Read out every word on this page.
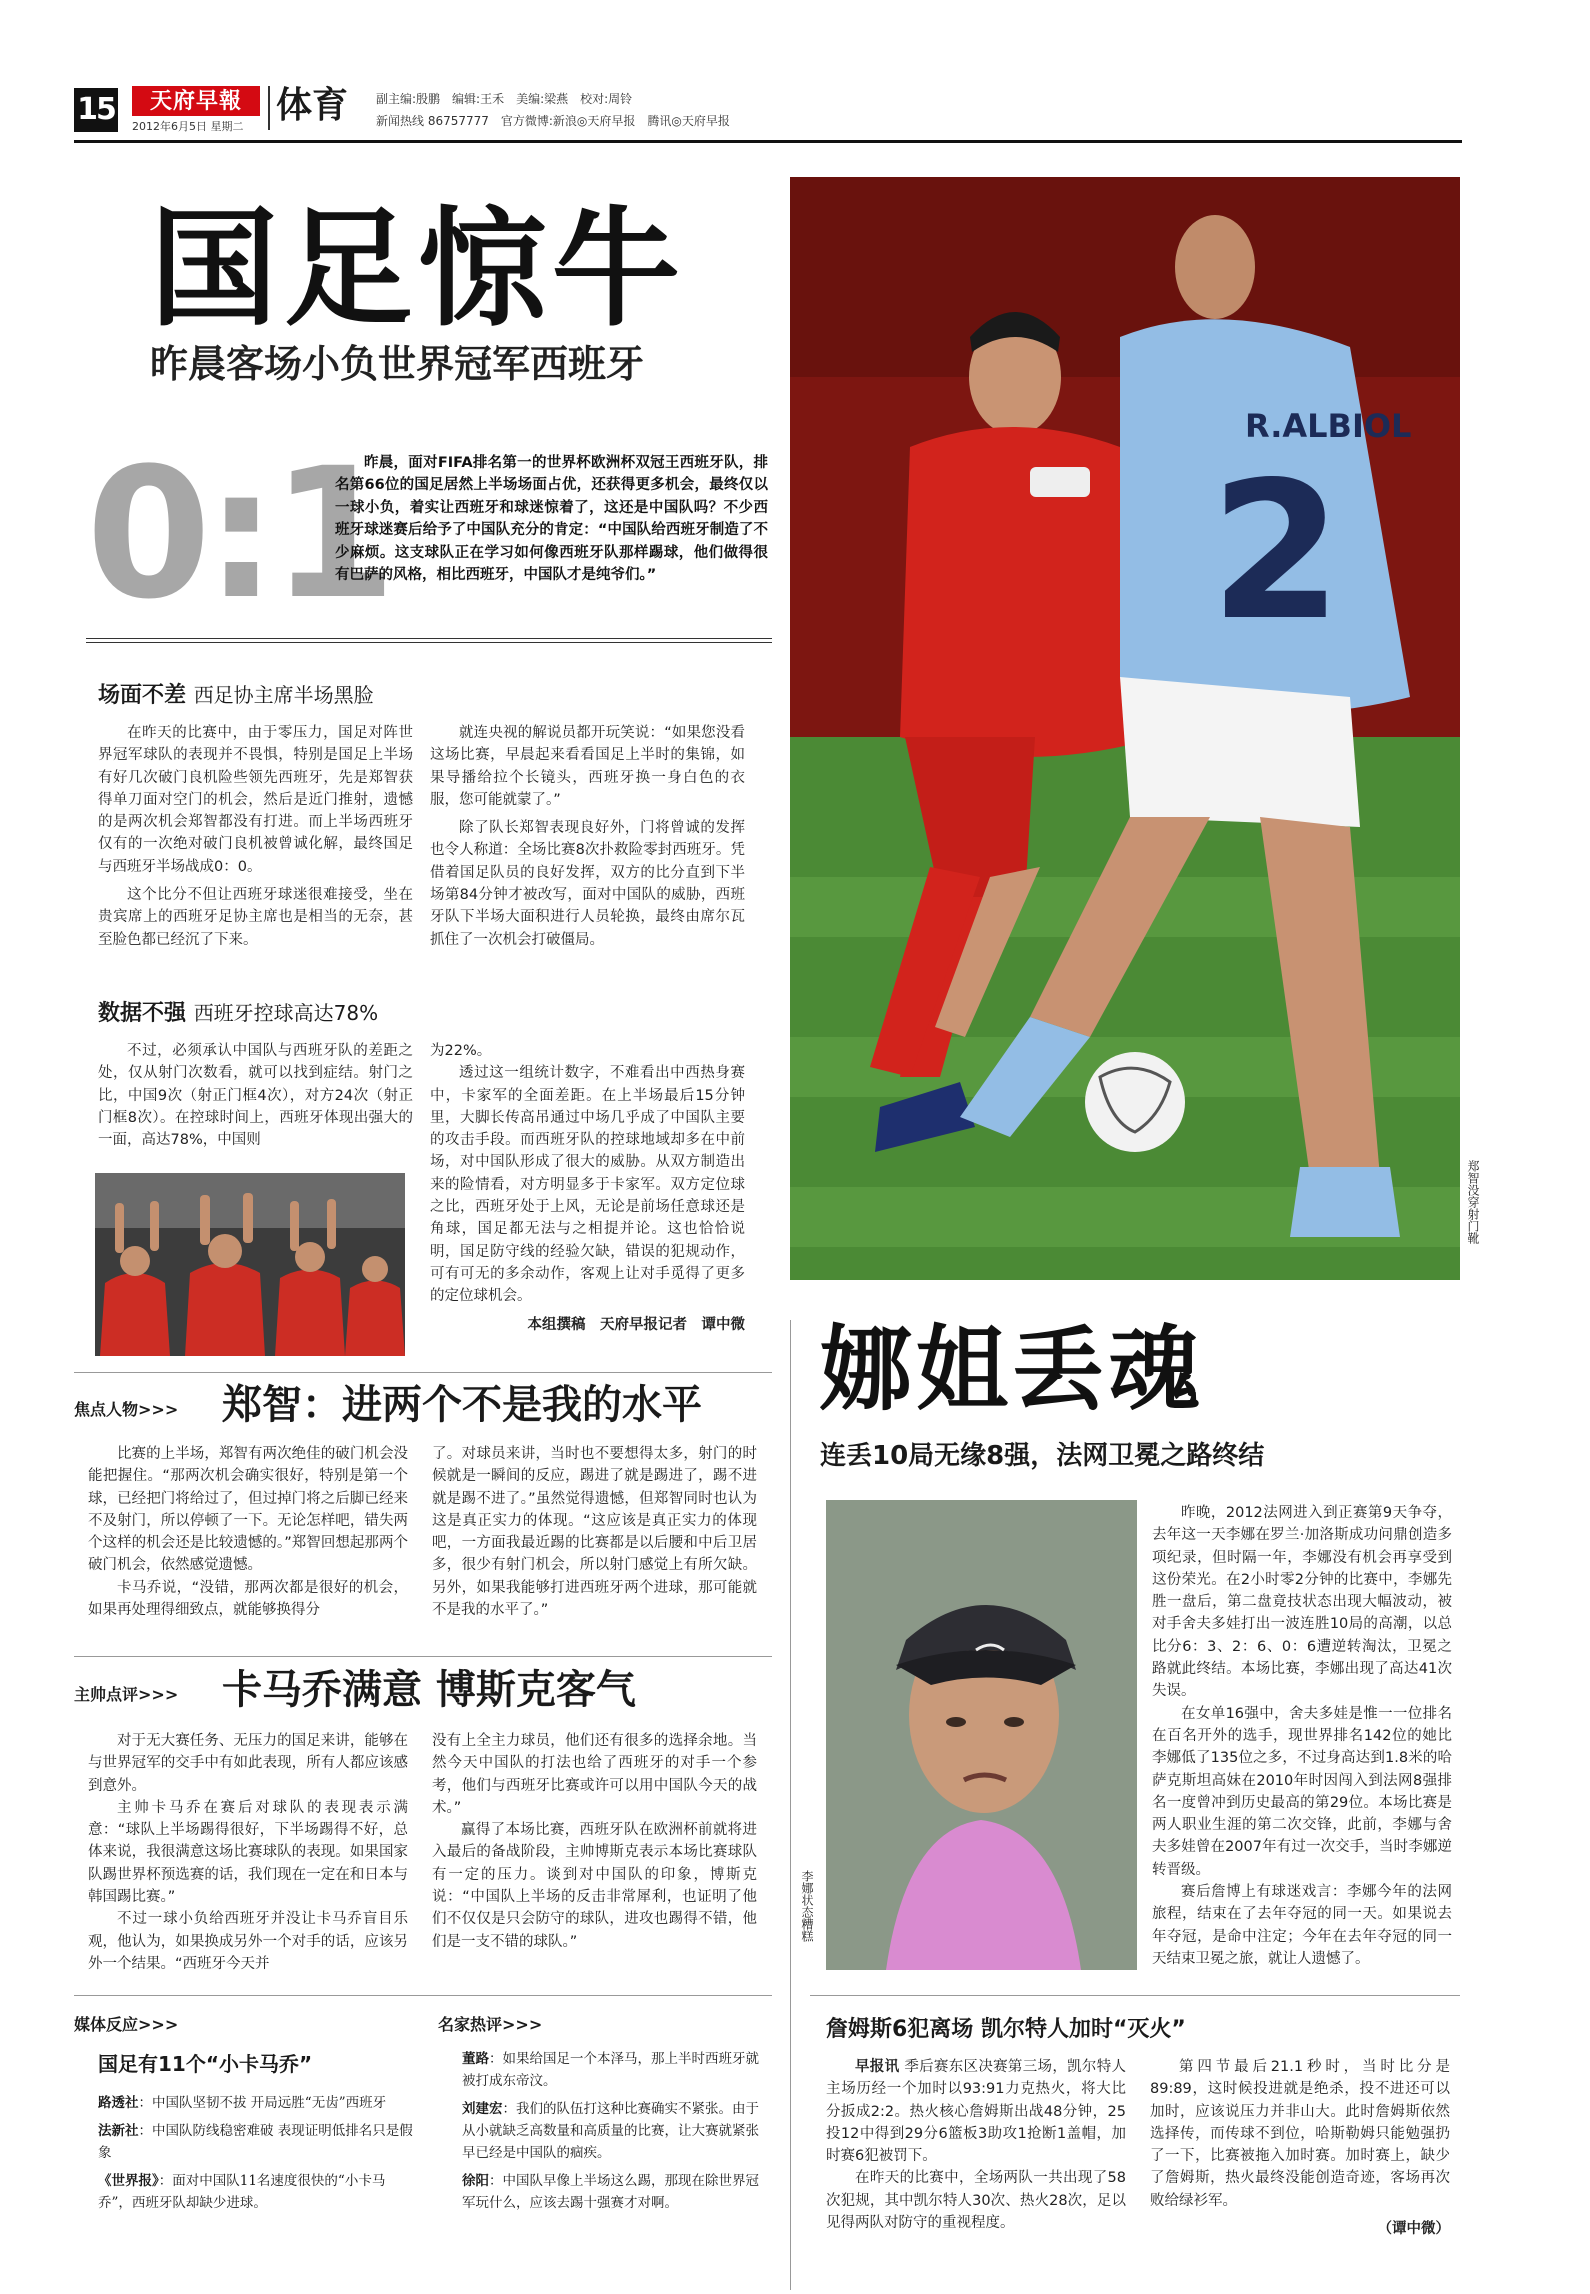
15	天府早報
2012年6月5日 星期二
体育 副主编:殷鹏　编辑:王禾　美编:梁燕　校对:周铃
新闻热线 86757777　官方微博:新浪◎天府早报　腾讯◎天府早报
国足惊牛
昨晨客场小负世界冠军西班牙
0:1

昨晨，面对FIFA排名第一的世界杯欧洲杯双冠王西班牙队，排名第66位的国足居然上半场场面占优，还获得更多机会，最终仅以一球小负，着实让西班牙和球迷惊着了，这还是中国队吗？不少西班牙球迷赛后给予了中国队充分的肯定：“中国队给西班牙制造了不少麻烦。这支球队正在学习如何像西班牙队那样踢球，他们做得很有巴萨的风格，相比西班牙，中国队才是纯爷们。”

R.ALBIOL
2
郑智没穿射门靴
场面不差 西足协主席半场黑脸

在昨天的比赛中，由于零压力，国足对阵世界冠军球队的表现并不畏惧，特别是国足上半场有好几次破门良机险些领先西班牙，先是郑智获得单刀面对空门的机会，然后是近门推射，遗憾的是两次机会郑智都没有打进。而上半场西班牙仅有的一次绝对破门良机被曾诚化解，最终国足与西班牙半场战成0：0。

这个比分不但让西班牙球迷很难接受，坐在贵宾席上的西班牙足协主席也是相当的无奈，甚至脸色都已经沉了下来。

就连央视的解说员都开玩笑说：“如果您没看这场比赛，早晨起来看看国足上半时的集锦，如果导播给拉个长镜头，西班牙换一身白色的衣服，您可能就蒙了。”

除了队长郑智表现良好外，门将曾诚的发挥也令人称道：全场比赛8次扑救险零封西班牙。凭借着国足队员的良好发挥，双方的比分直到下半场第84分钟才被改写，面对中国队的威胁，西班牙队下半场大面积进行人员轮换，最终由席尔瓦抓住了一次机会打破僵局。

数据不强 西班牙控球高达78%

不过，必须承认中国队与西班牙队的差距之处，仅从射门次数看，就可以找到症结。射门之比，中国9次（射正门框4次），对方24次（射正门框8次）。在控球时间上，西班牙体现出强大的一面，高达78%，中国则

为22%。

透过这一组统计数字，不难看出中西热身赛中，卡家军的全面差距。在上半场最后15分钟里，大脚长传高吊通过中场几乎成了中国队主要的攻击手段。而西班牙队的控球地域却多在中前场，对中国队形成了很大的威胁。从双方制造出来的险情看，对方明显多于卡家军。双方定位球之比，西班牙处于上风，无论是前场任意球还是角球，国足都无法与之相提并论。这也恰恰说明，国足防守线的经验欠缺，错误的犯规动作，可有可无的多余动作，客观上让对手觅得了更多的定位球机会。

本组撰稿　天府早报记者　谭中微

焦点人物>>> 郑智：进两个不是我的水平

比赛的上半场，郑智有两次绝佳的破门机会没能把握住。“那两次机会确实很好，特别是第一个球，已经把门将给过了，但过掉门将之后脚已经来不及射门，所以停顿了一下。无论怎样吧，错失两个这样的机会还是比较遗憾的。”郑智回想起那两个破门机会，依然感觉遗憾。

卡马乔说，“没错，那两次都是很好的机会，如果再处理得细致点，就能够换得分

了。对球员来讲，当时也不要想得太多，射门的时候就是一瞬间的反应，踢进了就是踢进了，踢不进就是踢不进了。”虽然觉得遗憾，但郑智同时也认为这是真正实力的体现。“这应该是真正实力的体现吧，一方面我最近踢的比赛都是以后腰和中后卫居多，很少有射门机会，所以射门感觉上有所欠缺。另外，如果我能够打进西班牙两个进球，那可能就不是我的水平了。”

主帅点评>>> 卡马乔满意 博斯克客气

对于无大赛任务、无压力的国足来讲，能够在与世界冠军的交手中有如此表现，所有人都应该感到意外。

主帅卡马乔在赛后对球队的表现表示满意：“球队上半场踢得很好，下半场踢得不好，总体来说，我很满意这场比赛球队的表现。如果国家队踢世界杯预选赛的话，我们现在一定在和日本与韩国踢比赛。”

不过一球小负给西班牙并没让卡马乔盲目乐观，他认为，如果换成另外一个对手的话，应该另外一个结果。“西班牙今天并

没有上全主力球员，他们还有很多的选择余地。当然今天中国队的打法也给了西班牙的对手一个参考，他们与西班牙比赛或许可以用中国队今天的战术。”

赢得了本场比赛，西班牙队在欧洲杯前就将进入最后的备战阶段，主帅博斯克表示本场比赛球队有一定的压力。谈到对中国队的印象，博斯克说：“中国队上半场的反击非常犀利，也证明了他们不仅仅是只会防守的球队，进攻也踢得不错，他们是一支不错的球队。”

媒体反应>>>
国足有11个“小卡马乔”

路透社：中国队坚韧不拔 开局远胜“无齿”西班牙

法新社：中国队防线稳密难破 表现证明低排名只是假象

《世界报》：面对中国队11名速度很快的“小卡马乔”，西班牙队却缺少进球。

名家热评>>>

董路：如果给国足一个本泽马，那上半时西班牙就被打成东帝汶。

刘建宏：我们的队伍打这种比赛确实不紧张。由于从小就缺乏高数量和高质量的比赛，让大赛就紧张早已经是中国队的痼疾。

徐阳：中国队早像上半场这么踢，那现在除世界冠军玩什么，应该去踢十强赛才对啊。

娜姐丢魂
连丢10局无缘8强，法网卫冕之路终结
李娜状态糟糕

昨晚，2012法网进入到正赛第9天争夺，去年这一天李娜在罗兰·加洛斯成功问鼎创造多项纪录，但时隔一年，李娜没有机会再享受到这份荣光。在2小时零2分钟的比赛中，李娜先胜一盘后，第二盘竟技状态出现大幅波动，被对手舍夫多娃打出一波连胜10局的高潮，以总比分6：3、2：6、0：6遭逆转淘汰，卫冕之路就此终结。本场比赛，李娜出现了高达41次失误。

在女单16强中，舍夫多娃是惟一一位排名在百名开外的选手，现世界排名142位的她比李娜低了135位之多，不过身高达到1.8米的哈萨克斯坦高妹在2010年时因闯入到法网8强排名一度曾冲到历史最高的第29位。本场比赛是两人职业生涯的第二次交锋，此前，李娜与舍夫多娃曾在2007年有过一次交手，当时李娜逆转晋级。

赛后詹博上有球迷戏言：李娜今年的法网旅程，结束在了去年夺冠的同一天。如果说去年夺冠，是命中注定；今年在去年夺冠的同一天结束卫冕之旅，就让人遗憾了。

詹姆斯6犯离场 凯尔特人加时“灭火”

早报讯 季后赛东区决赛第三场，凯尔特人主场历经一个加时以93:91力克热火，将大比分扳成2:2。热火核心詹姆斯出战48分钟，25投12中得到29分6篮板3助攻1抢断1盖帽，加时赛6犯被罚下。

在昨天的比赛中，全场两队一共出现了58次犯规，其中凯尔特人30次、热火28次，足以见得两队对防守的重视程度。

第四节最后21.1秒时，当时比分是89:89，这时候投进就是绝杀，投不进还可以加时，应该说压力并非山大。此时詹姆斯依然选择传，而传球不到位，哈斯勒姆只能勉强扔了一下，比赛被拖入加时赛。加时赛上，缺少了詹姆斯，热火最终没能创造奇迹，客场再次败给绿衫军。

（谭中微）
